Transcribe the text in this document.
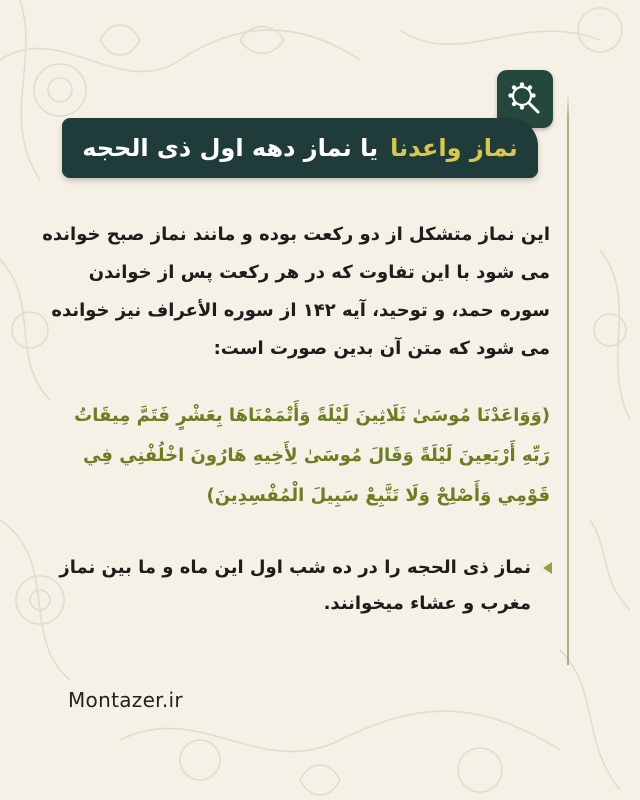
نماز واعدنا
یا نماز دهه اول ذی الحجه

این نماز متشکل از دو رکعت بوده و مانند نماز صبح خوانده می شود با این تفاوت که در هر رکعت پس از خواندن سوره حمد، و توحید، آیه ۱۴۲ از سوره الأعراف نیز خوانده می شود که متن آن بدین صورت است:

(وَوَاعَدْنَا مُوسَىٰ ثَلَاثِينَ لَيْلَةً وَأَتْمَمْنَاهَا بِعَشْرٍ فَتَمَّ مِيقَاتُ رَبِّهِ أَرْبَعِينَ لَيْلَةً وَقَالَ مُوسَىٰ لِأَخِيهِ هَارُونَ اخْلُفْنِي فِي قَوْمِي وَأَصْلِحْ وَلَا تَتَّبِعْ سَبِيلَ الْمُفْسِدِينَ)

نماز ذی الحجه را در ده شب اول این ماه و ما بین نماز مغرب و عشاء میخوانند.

Montazer.ir
